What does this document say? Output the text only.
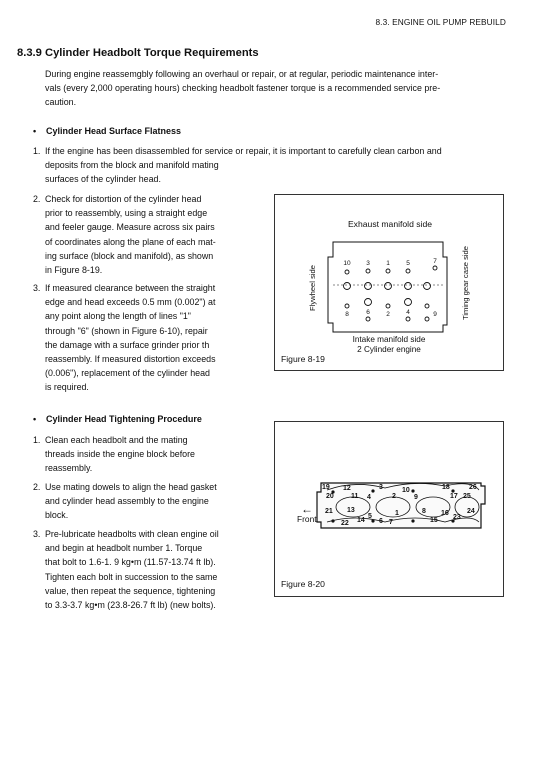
8.3. ENGINE OIL PUMP REBUILD
8.3.9 Cylinder Headbolt Torque Requirements
During engine reassemgbly following an overhaul or repair, or at regular, periodic maintenance inter-
vals (every 2,000 operating hours) checking headbolt fastener torque is a recommended service pre-
caution.
• Cylinder Head Surface Flatness
1. If the engine has been disassembled for service or repair, it is important to carefully clean carbon and
deposits from the block and manifold mating
surfaces of the cylinder head.
2. Check for distortion of the cylinder head
prior to reassembly, using a straight edge
and feeler gauge. Measure across six pairs
of coordinates along the plane of each mat-
ing surface (block and manifold), as shown
in Figure 8-19.
3. If measured clearance between the straight
edge and head exceeds 0.5 mm (0.002") at
any point along the length of lines "1"
through "6" (shown in Figure 6-10), repair
the damage with a surface grinder prior th
reassembly. If measured distortion exceeds
(0.006"), replacement of the cylinder head
is required.
Exhaust manifold side
10 3	1	5	7
8	6	2	4	9
Flywheel side	Timing gear case side
Intake manifold side
2 Cylinder engine
Figure 8-19
• Cylinder Head Tightening Procedure
1. Clean each headbolt and the mating
threads inside the engine block before
reassembly.
2. Use mating dowels to align the head gasket
and cylinder head assembly to the engine
block.
3. Pre-lubricate headbolts with clean engine oil
and begin at headbolt number 1. Torque
that bolt to 1.6-1. 9 kg•m (11.57-13.74 ft lb).
Tighten each bolt in succession to the same
value, then repeat the sequence, tightening
to 3.3-3.7 kg•m (23.8-26.7 ft lb) (new bolts).
19 12	3	10	18	26
20 11 4	2	9	17 25
21 13	1	8 16	24
22 14
5
6 7	15 23
←
Front
Figure 8-20
